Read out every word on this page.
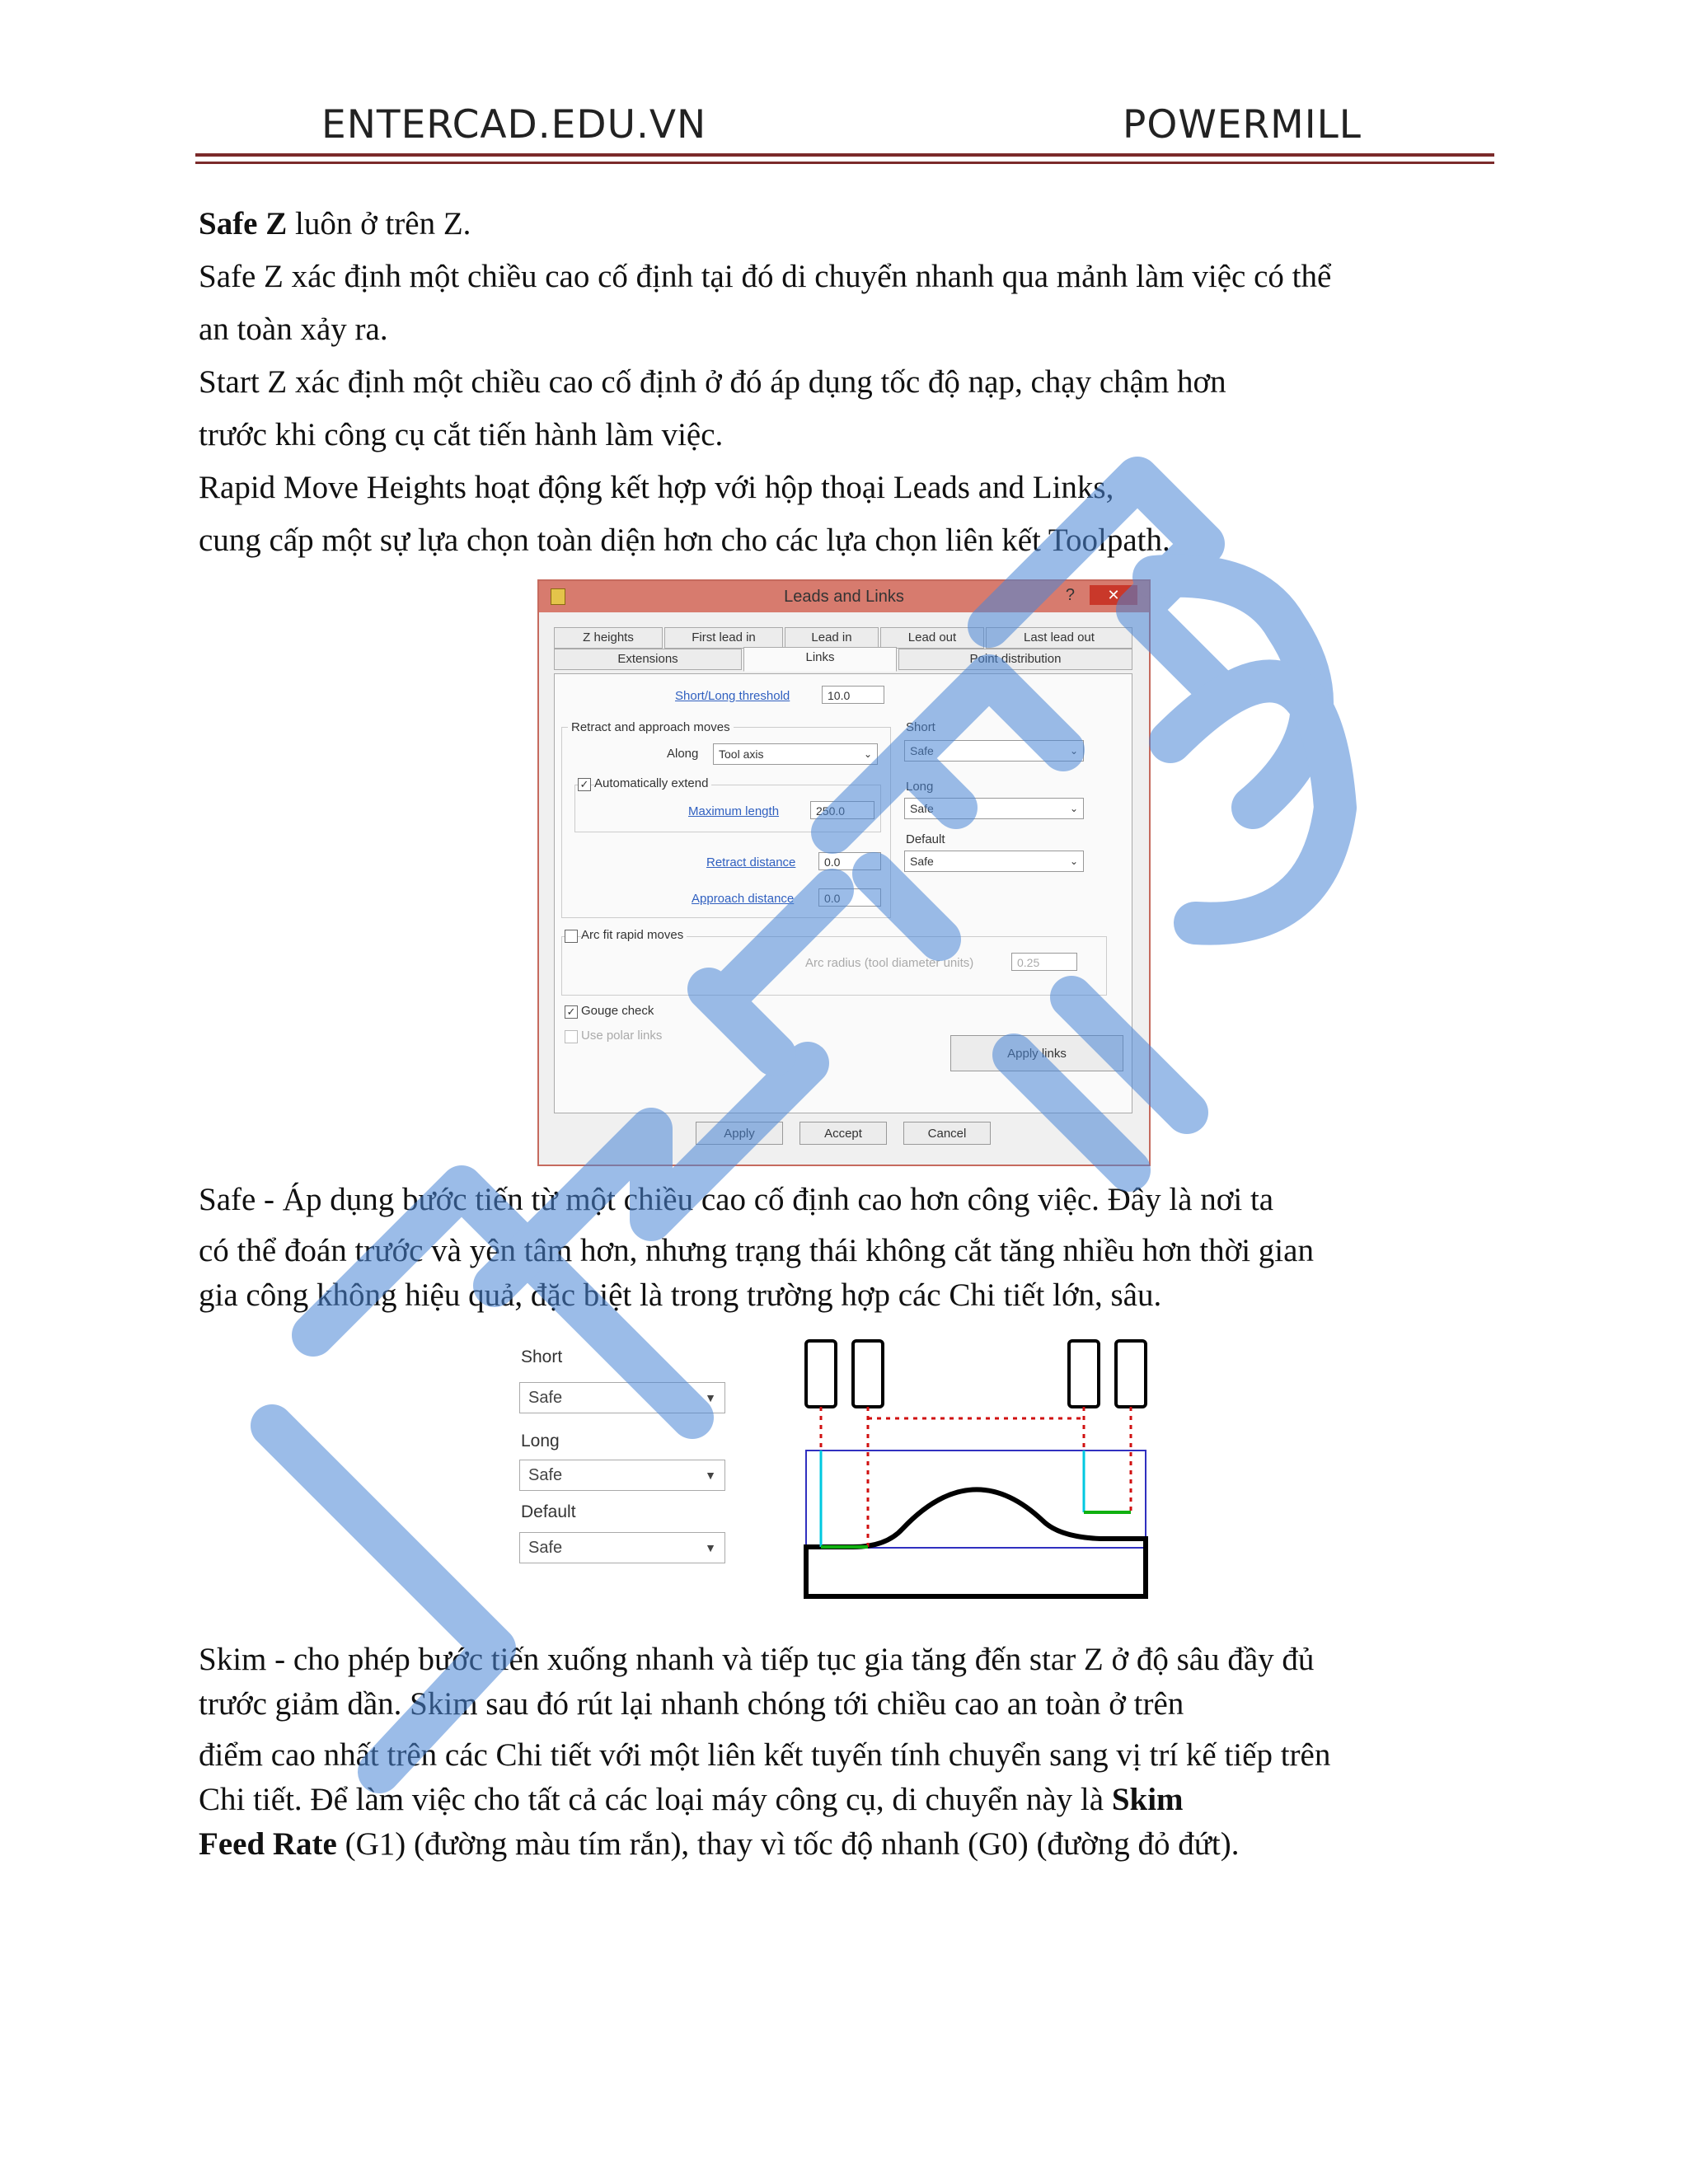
ENTERCAD.EDU.VN	POWERMILL
Safe Z luôn ở trên Z.
Safe Z xác định một chiều cao cố định tại đó di chuyển nhanh qua mảnh làm việc có thể
an toàn xảy ra.
Start Z xác định một chiều cao cố định ở đó áp dụng tốc độ nạp, chạy chậm hơn
trước khi công cụ cắt tiến hành làm việc.
Rapid Move Heights hoạt động kết hợp với hộp thoại Leads and Links,
cung cấp một sự lựa chọn toàn diện hơn cho các lựa chọn liên kết Toolpath.
Leads and Links	?	✕
Z heights	First lead in	Lead in	Lead out	Last lead out
Extensions	Links	Point distribution
Short/Long threshold	10.0
Retract and approach moves
Along	Tool axis	⌄
✓ Automatically extend
Maximum length	250.0
Retract distance	0.0
Approach distance	0.0
Short
Safe	⌄
Long
Safe	⌄
Default
Safe	⌄
Arc fit rapid moves
Arc radius (tool diameter units)	0.25
✓ Gouge check
Use polar links
Apply links
Apply	Accept	Cancel
Safe - Áp dụng bước tiến từ một chiều cao cố định cao hơn công việc. Đây là nơi ta
có thể đoán trước và yên tâm hơn, nhưng trạng thái không cắt tăng nhiều hơn thời gian
gia công không hiệu quả, đặc biệt là trong trường hợp các Chi tiết lớn, sâu.
Short
Safe	▼
Long
Safe	▼
Default
Safe	▼
Skim - cho phép bước tiến xuống nhanh và tiếp tục gia tăng đến star Z ở độ sâu đầy đủ
trước giảm dần. Skim sau đó rút lại nhanh chóng tới chiều cao an toàn ở trên
điểm cao nhất trên các Chi tiết với một liên kết tuyến tính chuyển sang vị trí kế tiếp trên
Chi tiết. Để làm việc cho tất cả các loại máy công cụ, di chuyển này là Skim
Feed Rate (G1) (đường màu tím rắn), thay vì tốc độ nhanh (G0) (đường đỏ đứt).
